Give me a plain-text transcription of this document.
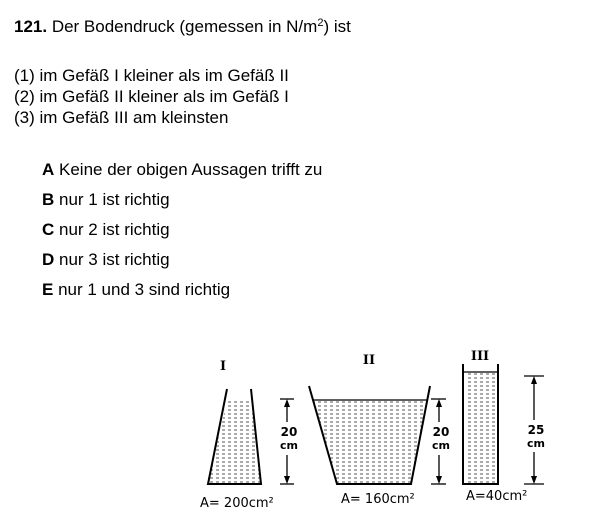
121. Der Bodendruck (gemessen in $N/m^2$) ist
(1) im Gefäß I kleiner als im Gefäß II
(2) im Gefäß II kleiner als im Gefäß I
(3) im Gefäß III am kleinsten
A Keine der obigen Aussagen trifft zu
B nur 1 ist richtig
C nur 2 ist richtig
D nur 3 ist richtig
E nur 1 und 3 sind richtig
I
20
cm
A= 200cm²
II
20
cm
A= 160cm²
III
25
cm
A=40cm²
